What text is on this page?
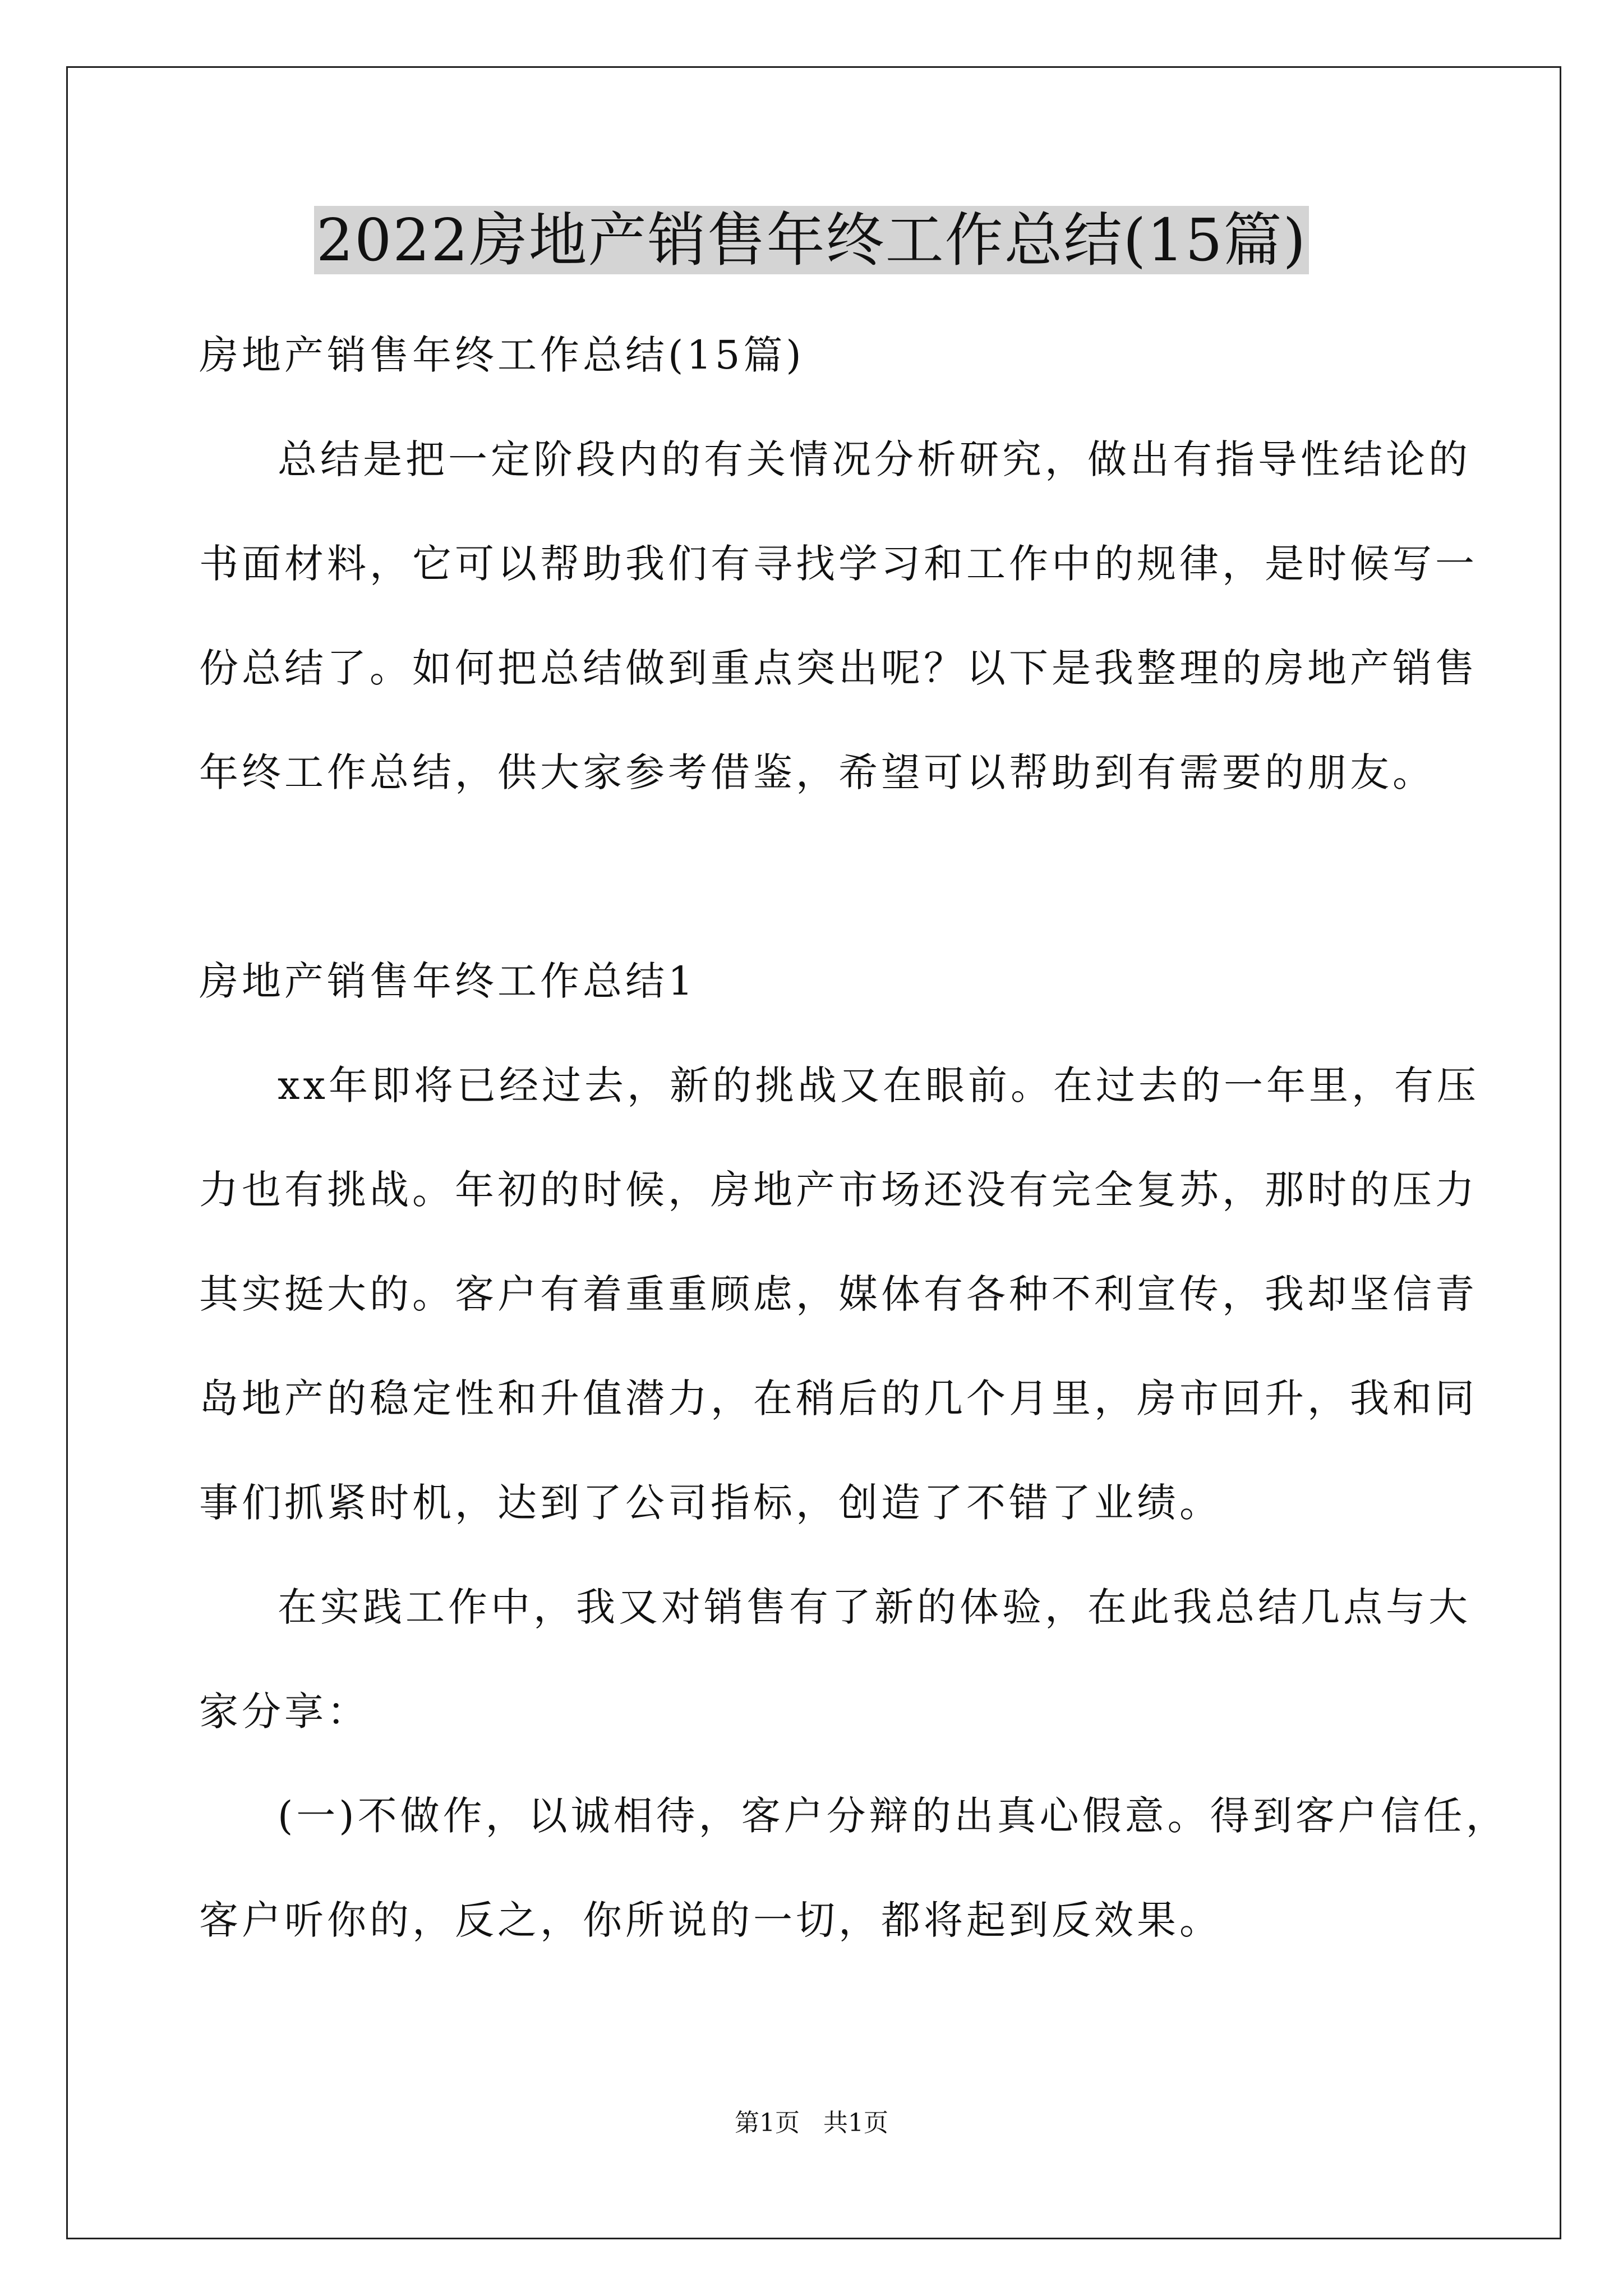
2022房地产销售年终工作总结(15篇)

房地产销售年终工作总结(15篇)

总结是把一定阶段内的有关情况分析研究，做出有指导性结论的

书面材料，它可以帮助我们有寻找学习和工作中的规律，是时候写一

份总结了。如何把总结做到重点突出呢？以下是我整理的房地产销售

年终工作总结，供大家参考借鉴，希望可以帮助到有需要的朋友。

房地产销售年终工作总结1

xx年即将已经过去，新的挑战又在眼前。在过去的一年里，有压

力也有挑战。年初的时候，房地产市场还没有完全复苏，那时的压力

其实挺大的。客户有着重重顾虑，媒体有各种不利宣传，我却坚信青

岛地产的稳定性和升值潜力，在稍后的几个月里，房市回升，我和同

事们抓紧时机，达到了公司指标，创造了不错了业绩。

在实践工作中，我又对销售有了新的体验，在此我总结几点与大

家分享：

(一)不做作，以诚相待，客户分辩的出真心假意。得到客户信任，

客户听你的，反之，你所说的一切，都将起到反效果。

第1页 共1页
